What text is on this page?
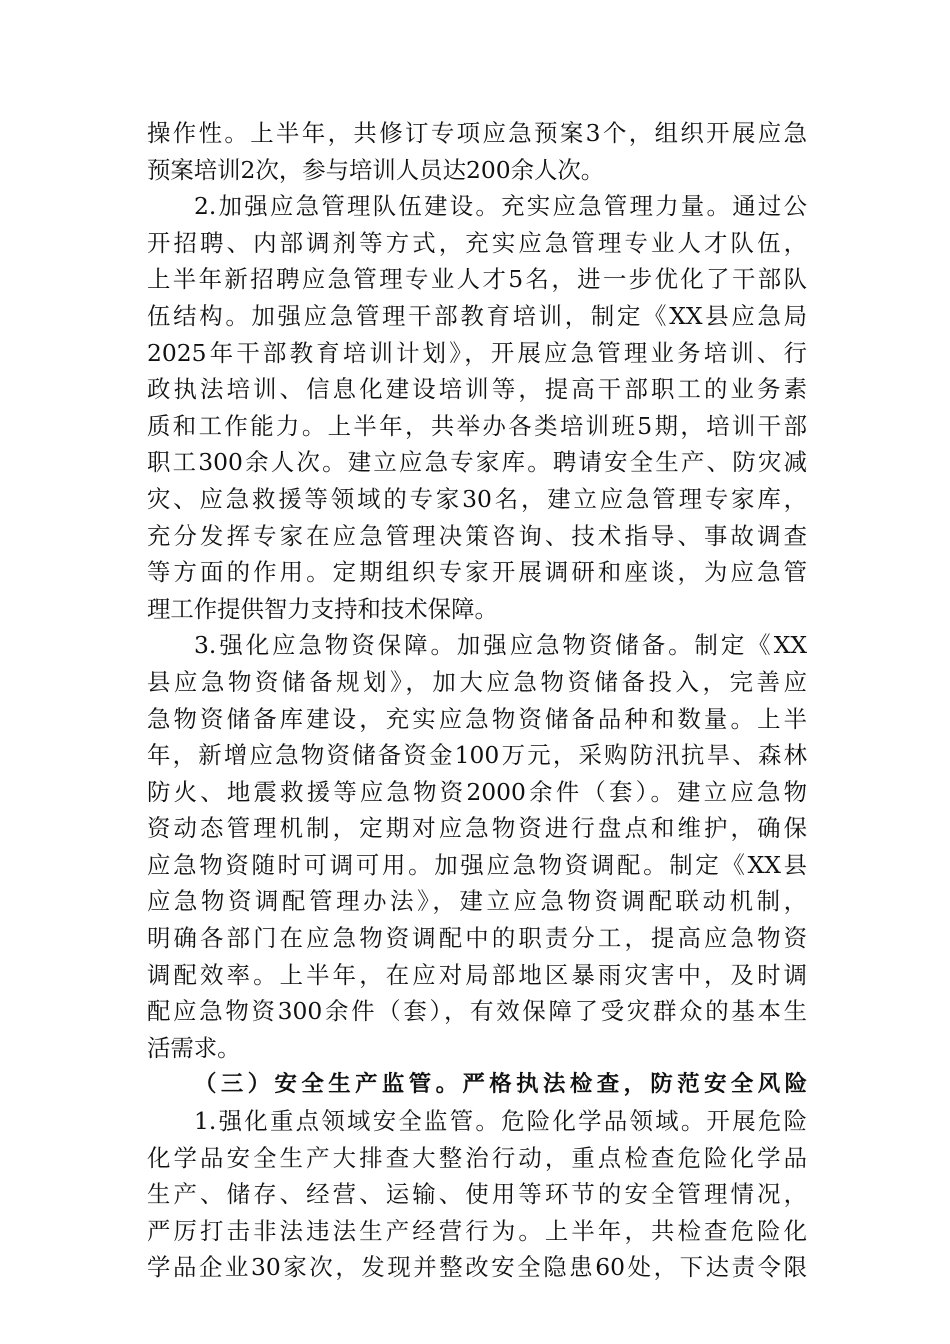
操作性。上半年，共修订专项应急预案3个，组织开展应急
预案培训2次，参与培训人员达200余人次。
2.加强应急管理队伍建设。充实应急管理力量。通过公
开招聘、内部调剂等方式，充实应急管理专业人才队伍，
上半年新招聘应急管理专业人才5名，进一步优化了干部队
伍结构。加强应急管理干部教育培训，制定《XX县应急局
2025年干部教育培训计划》，开展应急管理业务培训、行
政执法培训、信息化建设培训等，提高干部职工的业务素
质和工作能力。上半年，共举办各类培训班5期，培训干部
职工300余人次。建立应急专家库。聘请安全生产、防灾减
灾、应急救援等领域的专家30名，建立应急管理专家库，
充分发挥专家在应急管理决策咨询、技术指导、事故调查
等方面的作用。定期组织专家开展调研和座谈，为应急管
理工作提供智力支持和技术保障。
3.强化应急物资保障。加强应急物资储备。制定《XX
县应急物资储备规划》，加大应急物资储备投入，完善应
急物资储备库建设，充实应急物资储备品种和数量。上半
年，新增应急物资储备资金100万元，采购防汛抗旱、森林
防火、地震救援等应急物资2000余件（套）。建立应急物
资动态管理机制，定期对应急物资进行盘点和维护，确保
应急物资随时可调可用。加强应急物资调配。制定《XX县
应急物资调配管理办法》，建立应急物资调配联动机制，
明确各部门在应急物资调配中的职责分工，提高应急物资
调配效率。上半年，在应对局部地区暴雨灾害中，及时调
配应急物资300余件（套），有效保障了受灾群众的基本生
活需求。
（三）安全生产监管。严格执法检查，防范安全风险
1.强化重点领域安全监管。危险化学品领域。开展危险
化学品安全生产大排查大整治行动，重点检查危险化学品
生产、储存、经营、运输、使用等环节的安全管理情况，
严厉打击非法违法生产经营行为。上半年，共检查危险化
学品企业30家次，发现并整改安全隐患60处，下达责令限
